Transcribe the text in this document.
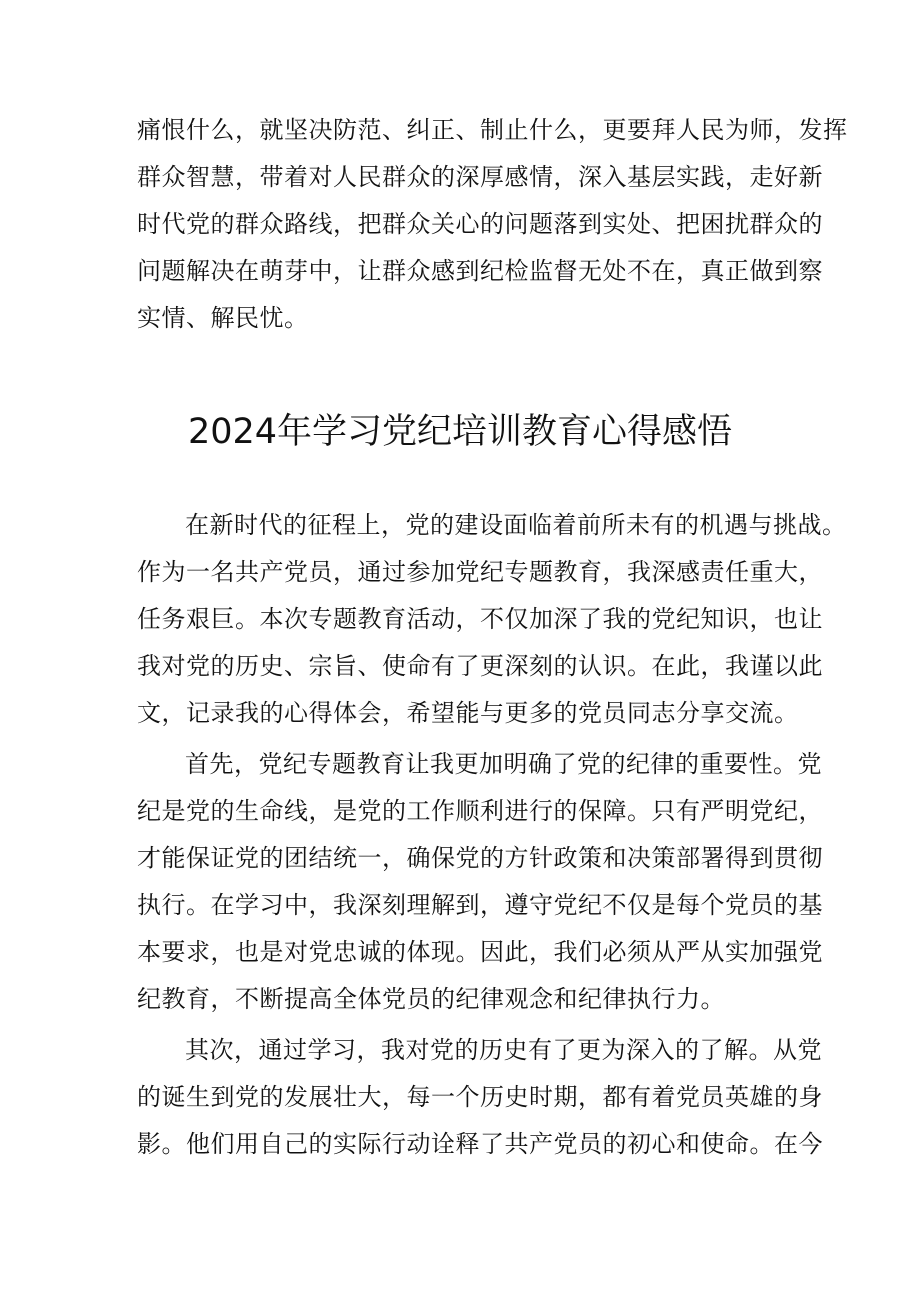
痛恨什么，就坚决防范、纠正、制止什么，更要拜人民为师，发挥
群众智慧，带着对人民群众的深厚感情，深入基层实践，走好新
时代党的群众路线，把群众关心的问题落到实处、把困扰群众的
问题解决在萌芽中，让群众感到纪检监督无处不在，真正做到察
实情、解民忧。
2024年学习党纪培训教育心得感悟
在新时代的征程上，党的建设面临着前所未有的机遇与挑战。
作为一名共产党员，通过参加党纪专题教育，我深感责任重大，
任务艰巨。本次专题教育活动，不仅加深了我的党纪知识，也让
我对党的历史、宗旨、使命有了更深刻的认识。在此，我谨以此
文，记录我的心得体会，希望能与更多的党员同志分享交流。
首先，党纪专题教育让我更加明确了党的纪律的重要性。党
纪是党的生命线，是党的工作顺利进行的保障。只有严明党纪，
才能保证党的团结统一，确保党的方针政策和决策部署得到贯彻
执行。在学习中，我深刻理解到，遵守党纪不仅是每个党员的基
本要求，也是对党忠诚的体现。因此，我们必须从严从实加强党
纪教育，不断提高全体党员的纪律观念和纪律执行力。
其次，通过学习，我对党的历史有了更为深入的了解。从党
的诞生到党的发展壮大，每一个历史时期，都有着党员英雄的身
影。他们用自己的实际行动诠释了共产党员的初心和使命。在今
